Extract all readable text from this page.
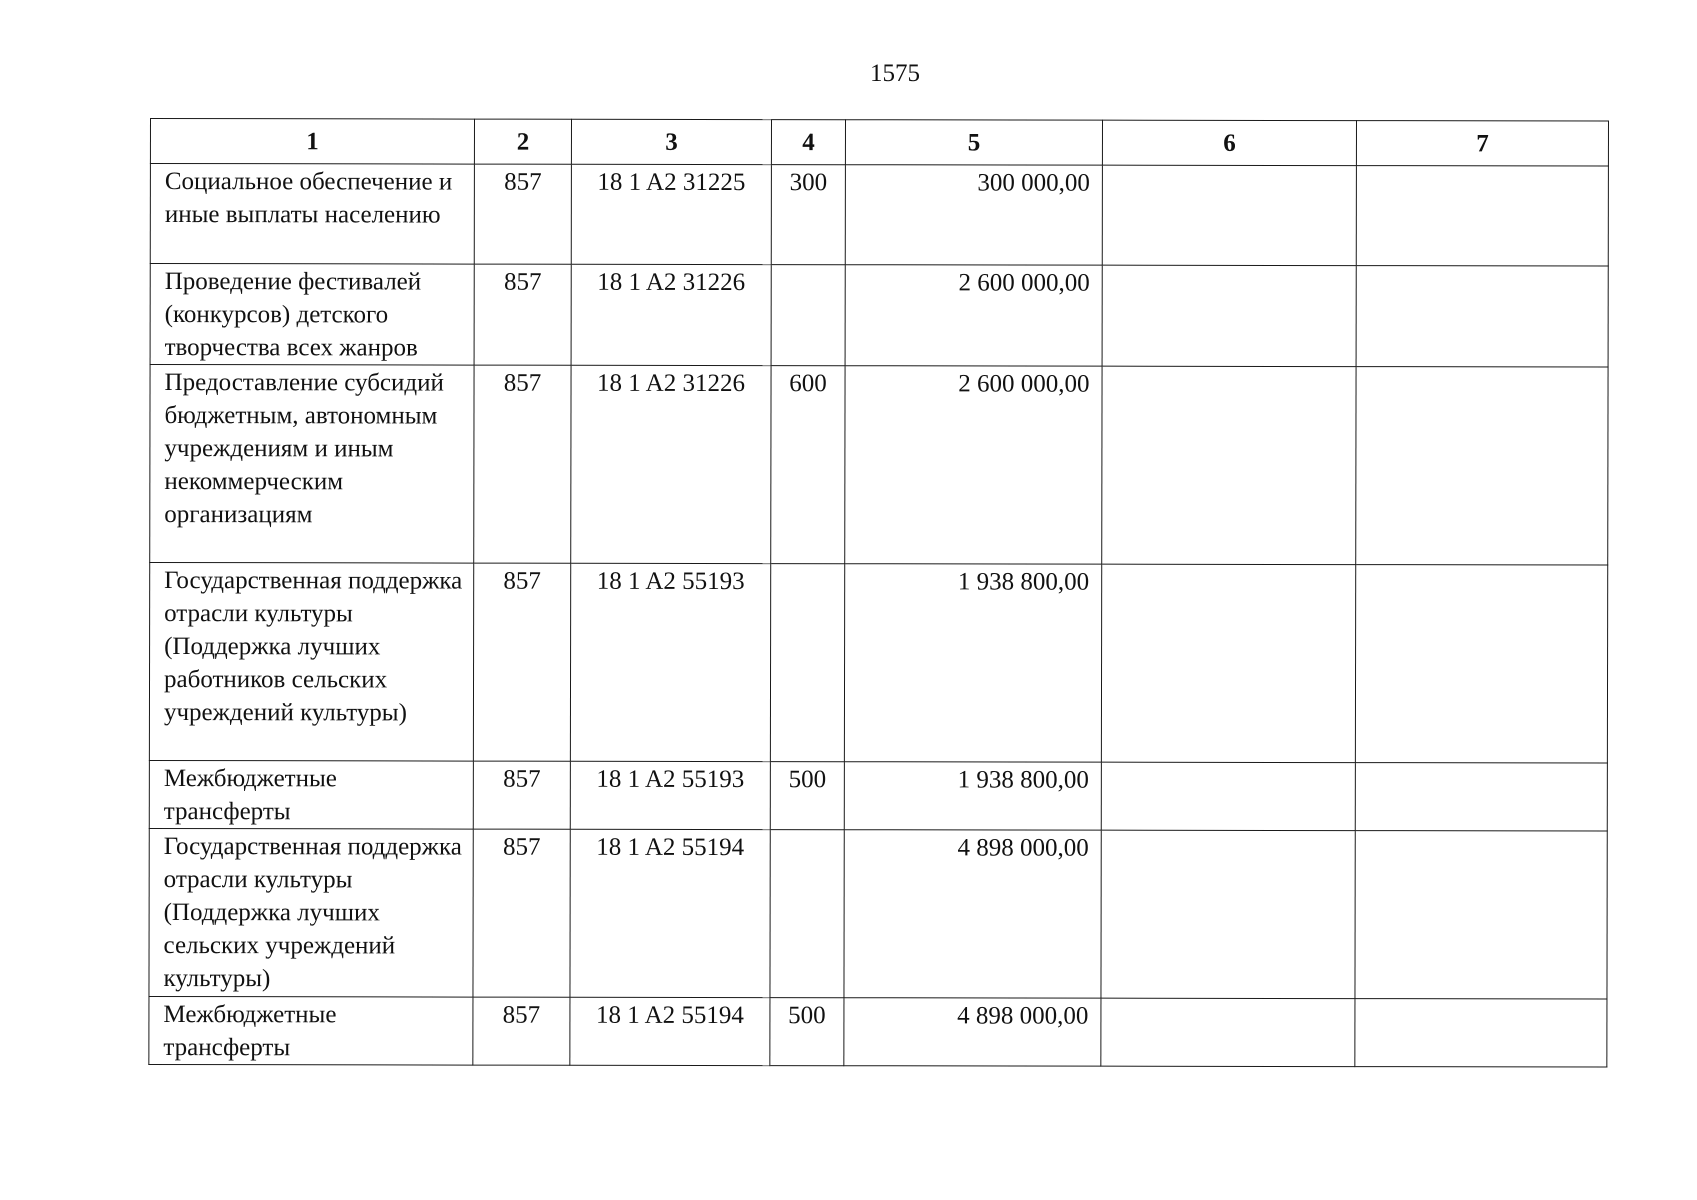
1575
1	2	3	4	5	6	7
Социальное обеспечение и иные выплаты населению	857	18 1 A2 31225	300	300 000,00		
Проведение фестивалей (конкурсов) детского творчества всех жанров	857	18 1 A2 31226		2 600 000,00		
Предоставление субсидий бюджетным, автономным учреждениям и иным некоммерческим организациям	857	18 1 A2 31226	600	2 600 000,00		
Государственная поддержка отрасли культуры (Поддержка лучших работников сельских учреждений культуры)	857	18 1 A2 55193		1 938 800,00		
Межбюджетные трансферты	857	18 1 A2 55193	500	1 938 800,00		
Государственная поддержка отрасли культуры (Поддержка лучших сельских учреждений культуры)	857	18 1 A2 55194		4 898 000,00		
Межбюджетные трансферты	857	18 1 A2 55194	500	4 898 000,00		
